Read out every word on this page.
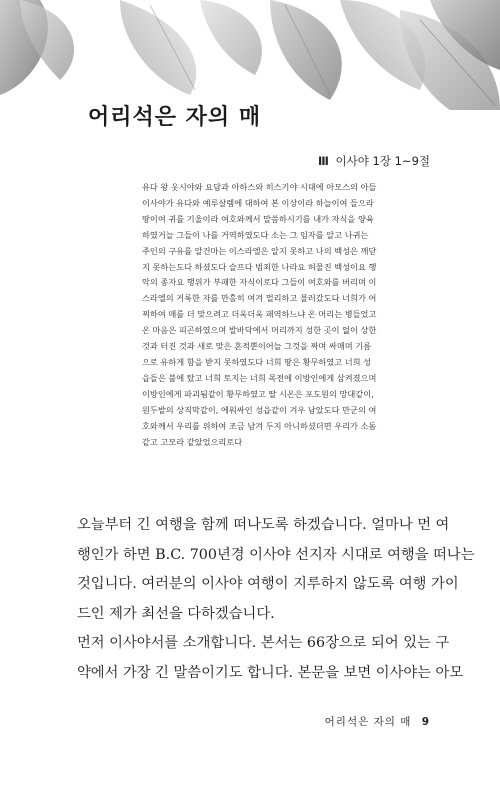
어리석은 자의 매
Ⅲ 이사야 1장 1~9절
유다 왕 웃시야와 요담과 아하스와 히스기야 시대에 아모스의 아들
이사야가 유다와 예루살렘에 대하여 본 이상이라 하늘이여 들으라
땅이여 귀를 기울이라 여호와께서 말씀하시기를 내가 자식을 양육
하였거늘 그들이 나를 거역하였도다 소는 그 임자를 알고 나귀는
주인의 구유를 알건마는 이스라엘은 알지 못하고 나의 백성은 깨닫
지 못하는도다 하셨도다 슬프다 범죄한 나라요 허물진 백성이요 행
악의 종자요 행위가 부패한 자식이로다 그들이 여호와를 버리며 이
스라엘의 거룩한 자를 만홀히 여겨 멀리하고 물러갔도다 너희가 어
찌하여 매를 더 맞으려고 더욱더욱 패역하느냐 온 머리는 병들었고
온 마음은 피곤하였으며 발바닥에서 머리까지 성한 곳이 없이 상한
것과 터진 것과 새로 맞은 흔적뿐이어늘 그것을 짜며 싸매며 기름
으로 유하게 함을 받지 못하였도다 너희 땅은 황무하였고 너희 성
읍들은 불에 탔고 너희 토지는 너희 목전에 이방인에게 삼켜졌으며
이방인에게 파괴됨같이 황무하였고 딸 시온은 포도원의 망대같이,
원두밭의 상직막같이, 에워싸인 성읍같이 겨우 남았도다 만군의 여
호와께서 우리를 위하여 조금 남겨 두지 아니하셨더면 우리가 소돔
같고 고모라 같았었으리로다
오늘부터 긴 여행을 함께 떠나도록 하겠습니다. 얼마나 먼 여
행인가 하면 B.C. 700년경 이사야 선지자 시대로 여행을 떠나는
것입니다. 여러분의 이사야 여행이 지루하지 않도록 여행 가이
드인 제가 최선을 다하겠습니다.
먼저 이사야서를 소개합니다. 본서는 66장으로 되어 있는 구
약에서 가장 긴 말씀이기도 합니다. 본문을 보면 이사야는 아모
어리석은 자의 매 9
